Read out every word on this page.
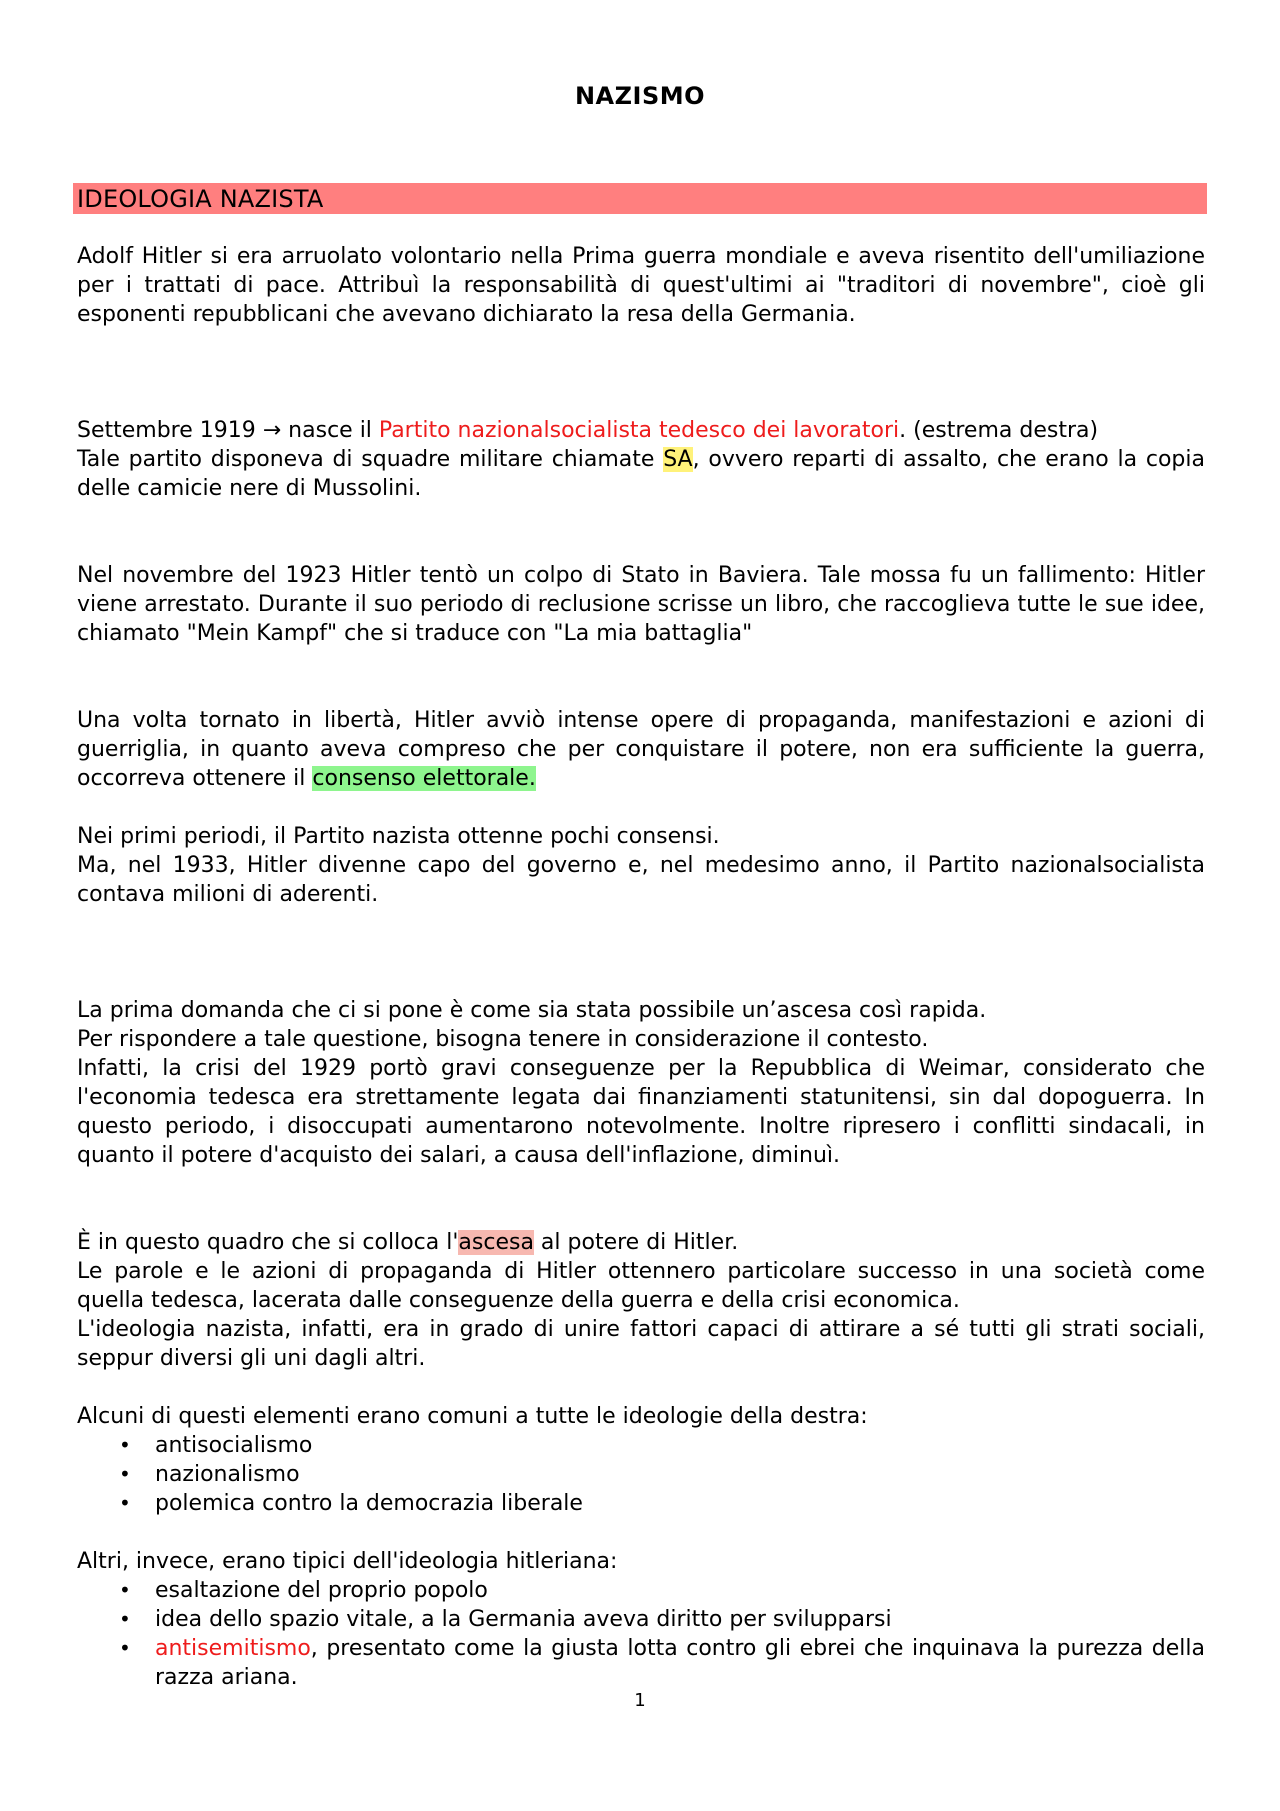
NAZISMO
IDEOLOGIA NAZISTA

Adolf Hitler si era arruolato volontario nella Prima guerra mondiale e aveva risentito dell'umiliazione per i trattati di pace. Attribuì la responsabilità di quest'ultimi ai "traditori di novembre", cioè gli esponenti repubblicani che avevano dichiarato la resa della Germania.

Settembre 1919 → nasce il Partito nazionalsocialista tedesco dei lavoratori. (estrema destra)

Tale partito disponeva di squadre militare chiamate SA, ovvero reparti di assalto, che erano la copia delle camicie nere di Mussolini.

Nel novembre del 1923 Hitler tentò un colpo di Stato in Baviera. Tale mossa fu un fallimento: Hitler viene arrestato. Durante il suo periodo di reclusione scrisse un libro, che raccoglieva tutte le sue idee, chiamato "Mein Kampf" che si traduce con "La mia battaglia"

Una volta tornato in libertà, Hitler avviò intense opere di propaganda, manifestazioni e azioni di guerriglia, in quanto aveva compreso che per conquistare il potere, non era sufficiente la guerra, occorreva ottenere il consenso elettorale.

Nei primi periodi, il Partito nazista ottenne pochi consensi.

Ma, nel 1933, Hitler divenne capo del governo e, nel medesimo anno, il Partito nazionalsocialista contava milioni di aderenti.

La prima domanda che ci si pone è come sia stata possibile un’ascesa così rapida.

Per rispondere a tale questione, bisogna tenere in considerazione il contesto.

Infatti, la crisi del 1929 portò gravi conseguenze per la Repubblica di Weimar, considerato che l'economia tedesca era strettamente legata dai finanziamenti statunitensi, sin dal dopoguerra. In questo periodo, i disoccupati aumentarono notevolmente. Inoltre ripresero i conflitti sindacali, in quanto il potere d'acquisto dei salari, a causa dell'inflazione, diminuì.

È in questo quadro che si colloca l'ascesa al potere di Hitler.

Le parole e le azioni di propaganda di Hitler ottennero particolare successo in una società come quella tedesca, lacerata dalle conseguenze della guerra e della crisi economica.

L'ideologia nazista, infatti, era in grado di unire fattori capaci di attirare a sé tutti gli strati sociali, seppur diversi gli uni dagli altri.

Alcuni di questi elementi erano comuni a tutte le ideologie della destra:

• antisocialismo
• nazionalismo
• polemica contro la democrazia liberale

Altri, invece, erano tipici dell'ideologia hitleriana:

• esaltazione del proprio popolo
• idea dello spazio vitale, a la Germania aveva diritto per svilupparsi
• antisemitismo, presentato come la giusta lotta contro gli ebrei che inquinava la purezza della razza ariana.
1
